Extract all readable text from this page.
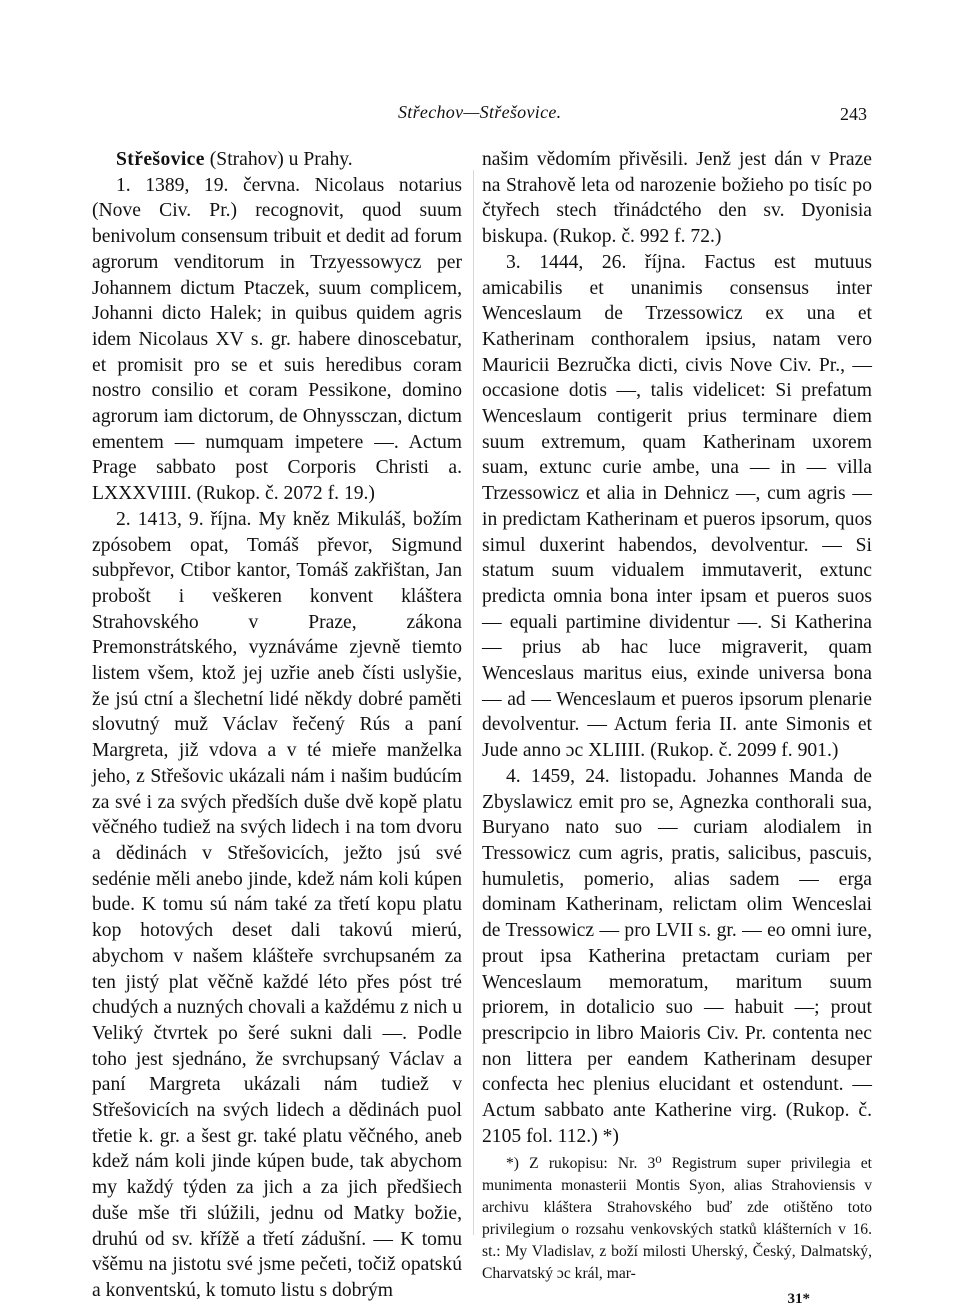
Střechov—Střešovice.	243

Střešovice (Strahov) u Prahy.

1. 1389, 19. června. Nicolaus notarius (Nove Civ. Pr.) recognovit, quod suum benivolum consensum tribuit et dedit ad forum agrorum venditorum in Trzyessowycz per Johannem dictum Ptaczek, suum complicem, Johanni dicto Halek; in quibus quidem agris idem Nicolaus XV s. gr. habere dinoscebatur, et promisit pro se et suis heredibus coram nostro consilio et coram Pessikone, domino agrorum iam dictorum, de Ohnyssczan, dictum ementem — numquam impetere —. Actum Prage sabbato post Corporis Christi a. LXXXVIIII. (Rukop. č. 2072 f. 19.)

2. 1413, 9. října. My kněz Mikuláš, božím zpósobem opat, Tomáš převor, Sigmund subpřevor, Ctibor kantor, Tomáš zakřištan, Jan probošt i veškeren konvent kláštera Strahovského v Praze, zákona Premonstrátského, vyznáváme zjevně tiemto listem všem, ktož jej uzřie aneb čísti uslyšie, že jsú ctní a šlechetní lidé někdy dobré paměti slovutný muž Václav řečený Rús a paní Margreta, již vdova a v té mieře manželka jeho, z Střešovic ukázali nám i našim budúcím za své i za svých předších duše dvě kopě platu věčného tudiež na svých lidech i na tom dvoru a dědinách v Střešovicích, ježto jsú své sedénie měli anebo jinde, kdež nám koli kúpen bude. K tomu sú nám také za třetí kopu platu kop hotových deset dali takovú mierú, abychom v našem klášteře svrchupsaném za ten jistý plat věčně každé léto přes póst tré chudých a nuzných chovali a každému z nich u Veliký čtvrtek po šeré sukni dali —. Podle toho jest sjednáno, že svrchupsaný Václav a paní Margreta ukázali nám tudiež v Střešovicích na svých lidech a dědinách puol třetie k. gr. a šest gr. také platu věčného, aneb kdež nám koli jinde kúpen bude, tak abychom my každý týden za jich a za jich předšiech duše mše tři slúžili, jednu od Matky božie, druhú od sv. křížě a třetí zádušní. — K tomu všěmu na jistotu své jsme pečeti, točiž opatskú a konventskú, k tomuto listu s dobrým

našim vědomím přivěsili. Jenž jest dán v Praze na Strahově leta od narozenie božieho po tisíc po čtyřech stech třinádctého den sv. Dyonisia biskupa. (Rukop. č. 992 f. 72.)

3. 1444, 26. října. Factus est mutuus amicabilis et unanimis consensus inter Wenceslaum de Trzessowicz ex una et Katherinam conthoralem ipsius, natam vero Mauricii Bezručka dicti, civis Nove Civ. Pr., — occasione dotis —, talis videlicet: Si prefatum Wenceslaum contigerit prius terminare diem suum extremum, quam Katherinam uxorem suam, extunc curie ambe, una — in — villa Trzessowicz et alia in Dehnicz —, cum agris — in predictam Katherinam et pueros ipsorum, quos simul duxerint habendos, devolventur. — Si statum suum vidualem immutaverit, extunc predicta omnia bona inter ipsam et pueros suos — equali partimine dividentur —. Si Katherina — prius ab hac luce migraverit, quam Wenceslaus maritus eius, exinde universa bona — ad — Wenceslaum et pueros ipsorum plenarie devolventur. — Actum feria II. ante Simonis et Jude anno ɔc XLIIII. (Rukop. č. 2099 f. 901.)

4. 1459, 24. listopadu. Johannes Manda de Zbyslawicz emit pro se, Agnezka conthorali sua, Buryano nato suo — curiam alodialem in Tressowicz cum agris, pratis, salicibus, pascuis, humuletis, pomerio, alias sadem — erga dominam Katherinam, relictam olim Wenceslai de Tressowicz — pro LVII s. gr. — eo omni iure, prout ipsa Katherina pretactam curiam per Wenceslaum memoratum, maritum suum priorem, in dotalicio suo — habuit —; prout prescripcio in libro Maioris Civ. Pr. contenta nec non littera per eandem Katherinam desuper confecta hec plenius elucidant et ostendunt. — Actum sabbato ante Katherine virg. (Rukop. č. 2105 fol. 112.) *)

*) Z rukopisu: Nr. 3⁰ Registrum super privilegia et munimenta monasterii Montis Syon, alias Strahoviensis v archivu kláštera Strahovského buď zde otištěno toto privilegium o rozsahu venkovských statků klášterních v 16. st.: My Vladislav, z boží milosti Uherský, Český, Dalmatský, Charvatský ɔc král, mar-

31*
